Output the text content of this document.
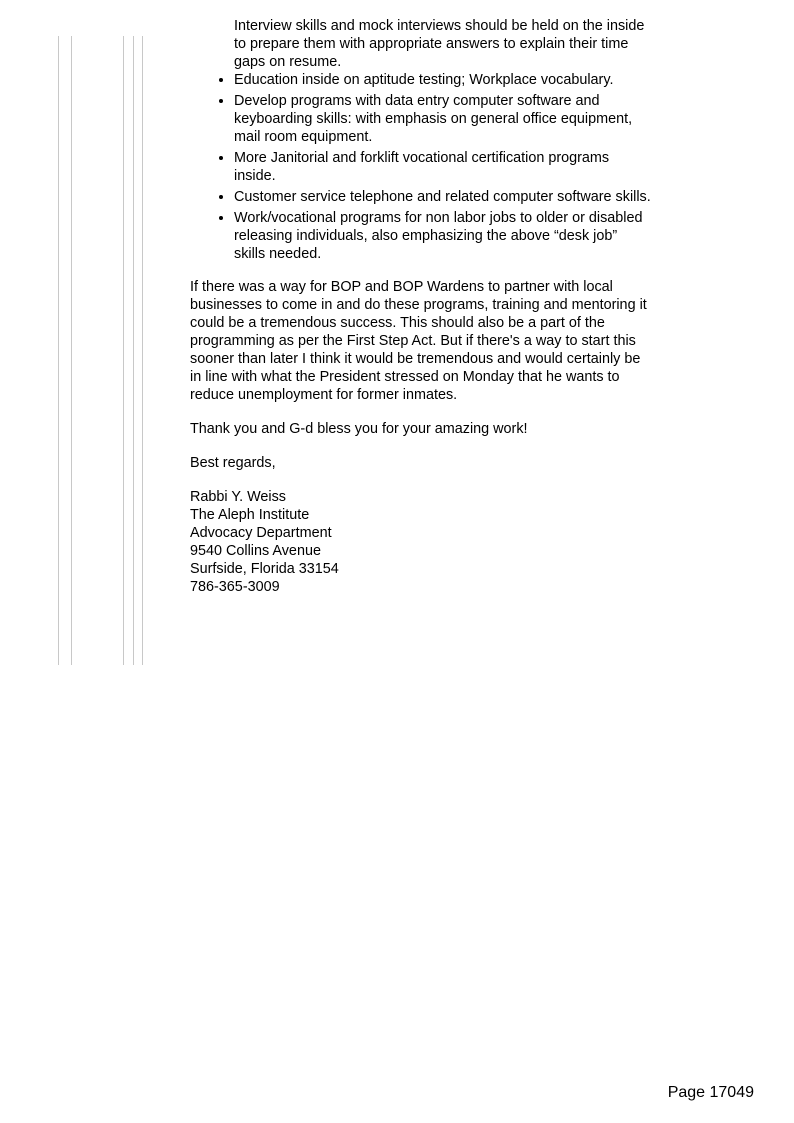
Interview skills and mock interviews should be held on the inside
to prepare them with appropriate answers to explain their time gaps on resume.
• Education inside on aptitude testing; Workplace vocabulary.
• Develop programs with data entry computer software and keyboarding skills: with emphasis on general office equipment, mail room equipment.
• More Janitorial and forklift vocational certification programs inside.
• Customer service telephone and related computer software skills.
• Work/vocational programs for non labor jobs to older or disabled releasing individuals, also emphasizing the above “desk job” skills needed.

If there was a way for BOP and BOP Wardens to partner with local businesses to come in and do these programs, training and mentoring it could be a tremendous success. This should also be a part of the programming as per the First Step Act. But if there's a way to start this sooner than later I think it would be tremendous and would certainly be in line with what the President stressed on Monday that he wants to reduce unemployment for former inmates.

Thank you and G-d bless you for your amazing work!

Best regards,

Rabbi Y. Weiss
The Aleph Institute
Advocacy Department
9540 Collins Avenue
Surfside, Florida 33154
786-365-3009
Page 17049
